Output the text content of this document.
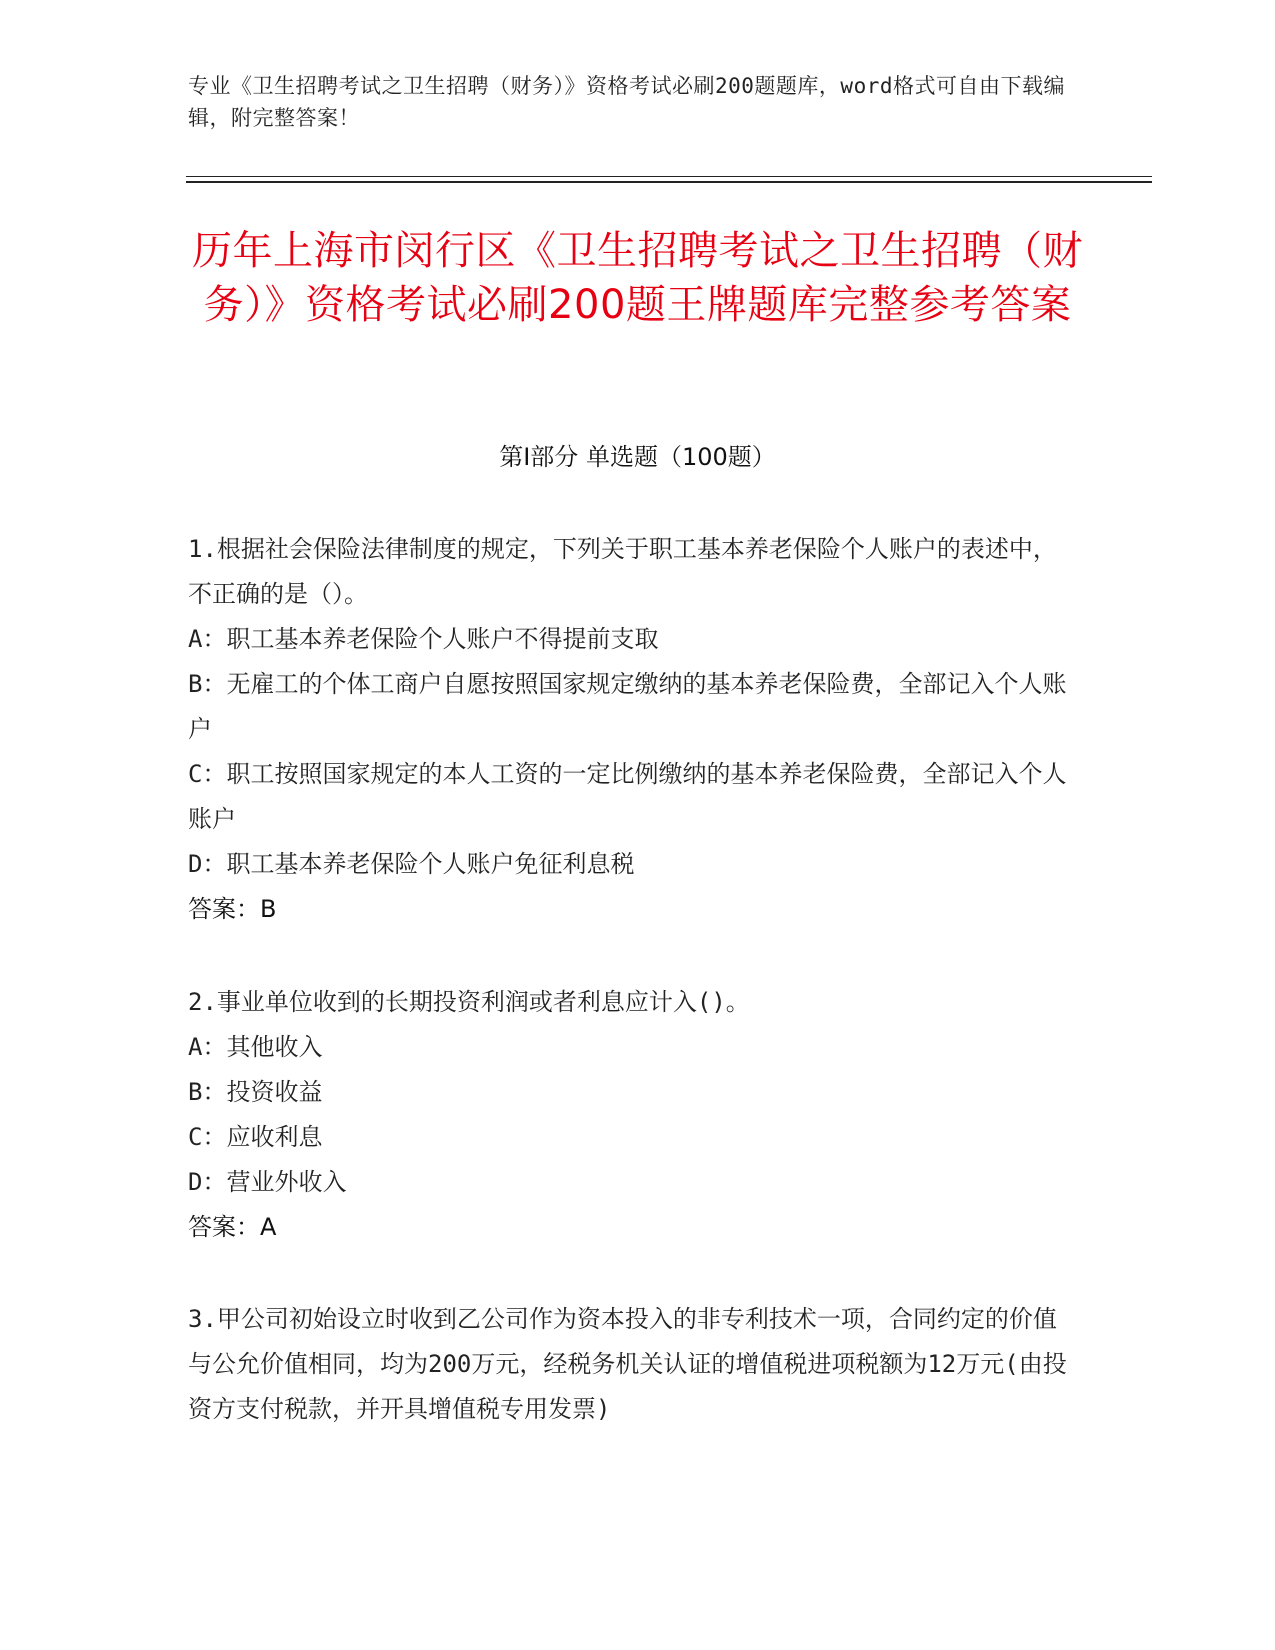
专业《卫生招聘考试之卫生招聘（财务）》资格考试必刷200题题库，word格式可自由下载编辑，附完整答案！
历年上海市闵行区《卫生招聘考试之卫生招聘（财务）》资格考试必刷200题王牌题库完整参考答案
第Ⅰ部分 单选题（100题）

1.根据社会保险法律制度的规定，下列关于职工基本养老保险个人账户的表述中，不正确的是（）。

A：职工基本养老保险个人账户不得提前支取

B：无雇工的个体工商户自愿按照国家规定缴纳的基本养老保险费，全部记入个人账户

C：职工按照国家规定的本人工资的一定比例缴纳的基本养老保险费，全部记入个人账户

D：职工基本养老保险个人账户免征利息税

答案：B

2.事业单位收到的长期投资利润或者利息应计入()。

A：其他收入

B：投资收益

C：应收利息

D：营业外收入

答案：A

3.甲公司初始设立时收到乙公司作为资本投入的非专利技术一项，合同约定的价值与公允价值相同，均为200万元，经税务机关认证的增值税进项税额为12万元(由投资方支付税款，并开具增值税专用发票)
